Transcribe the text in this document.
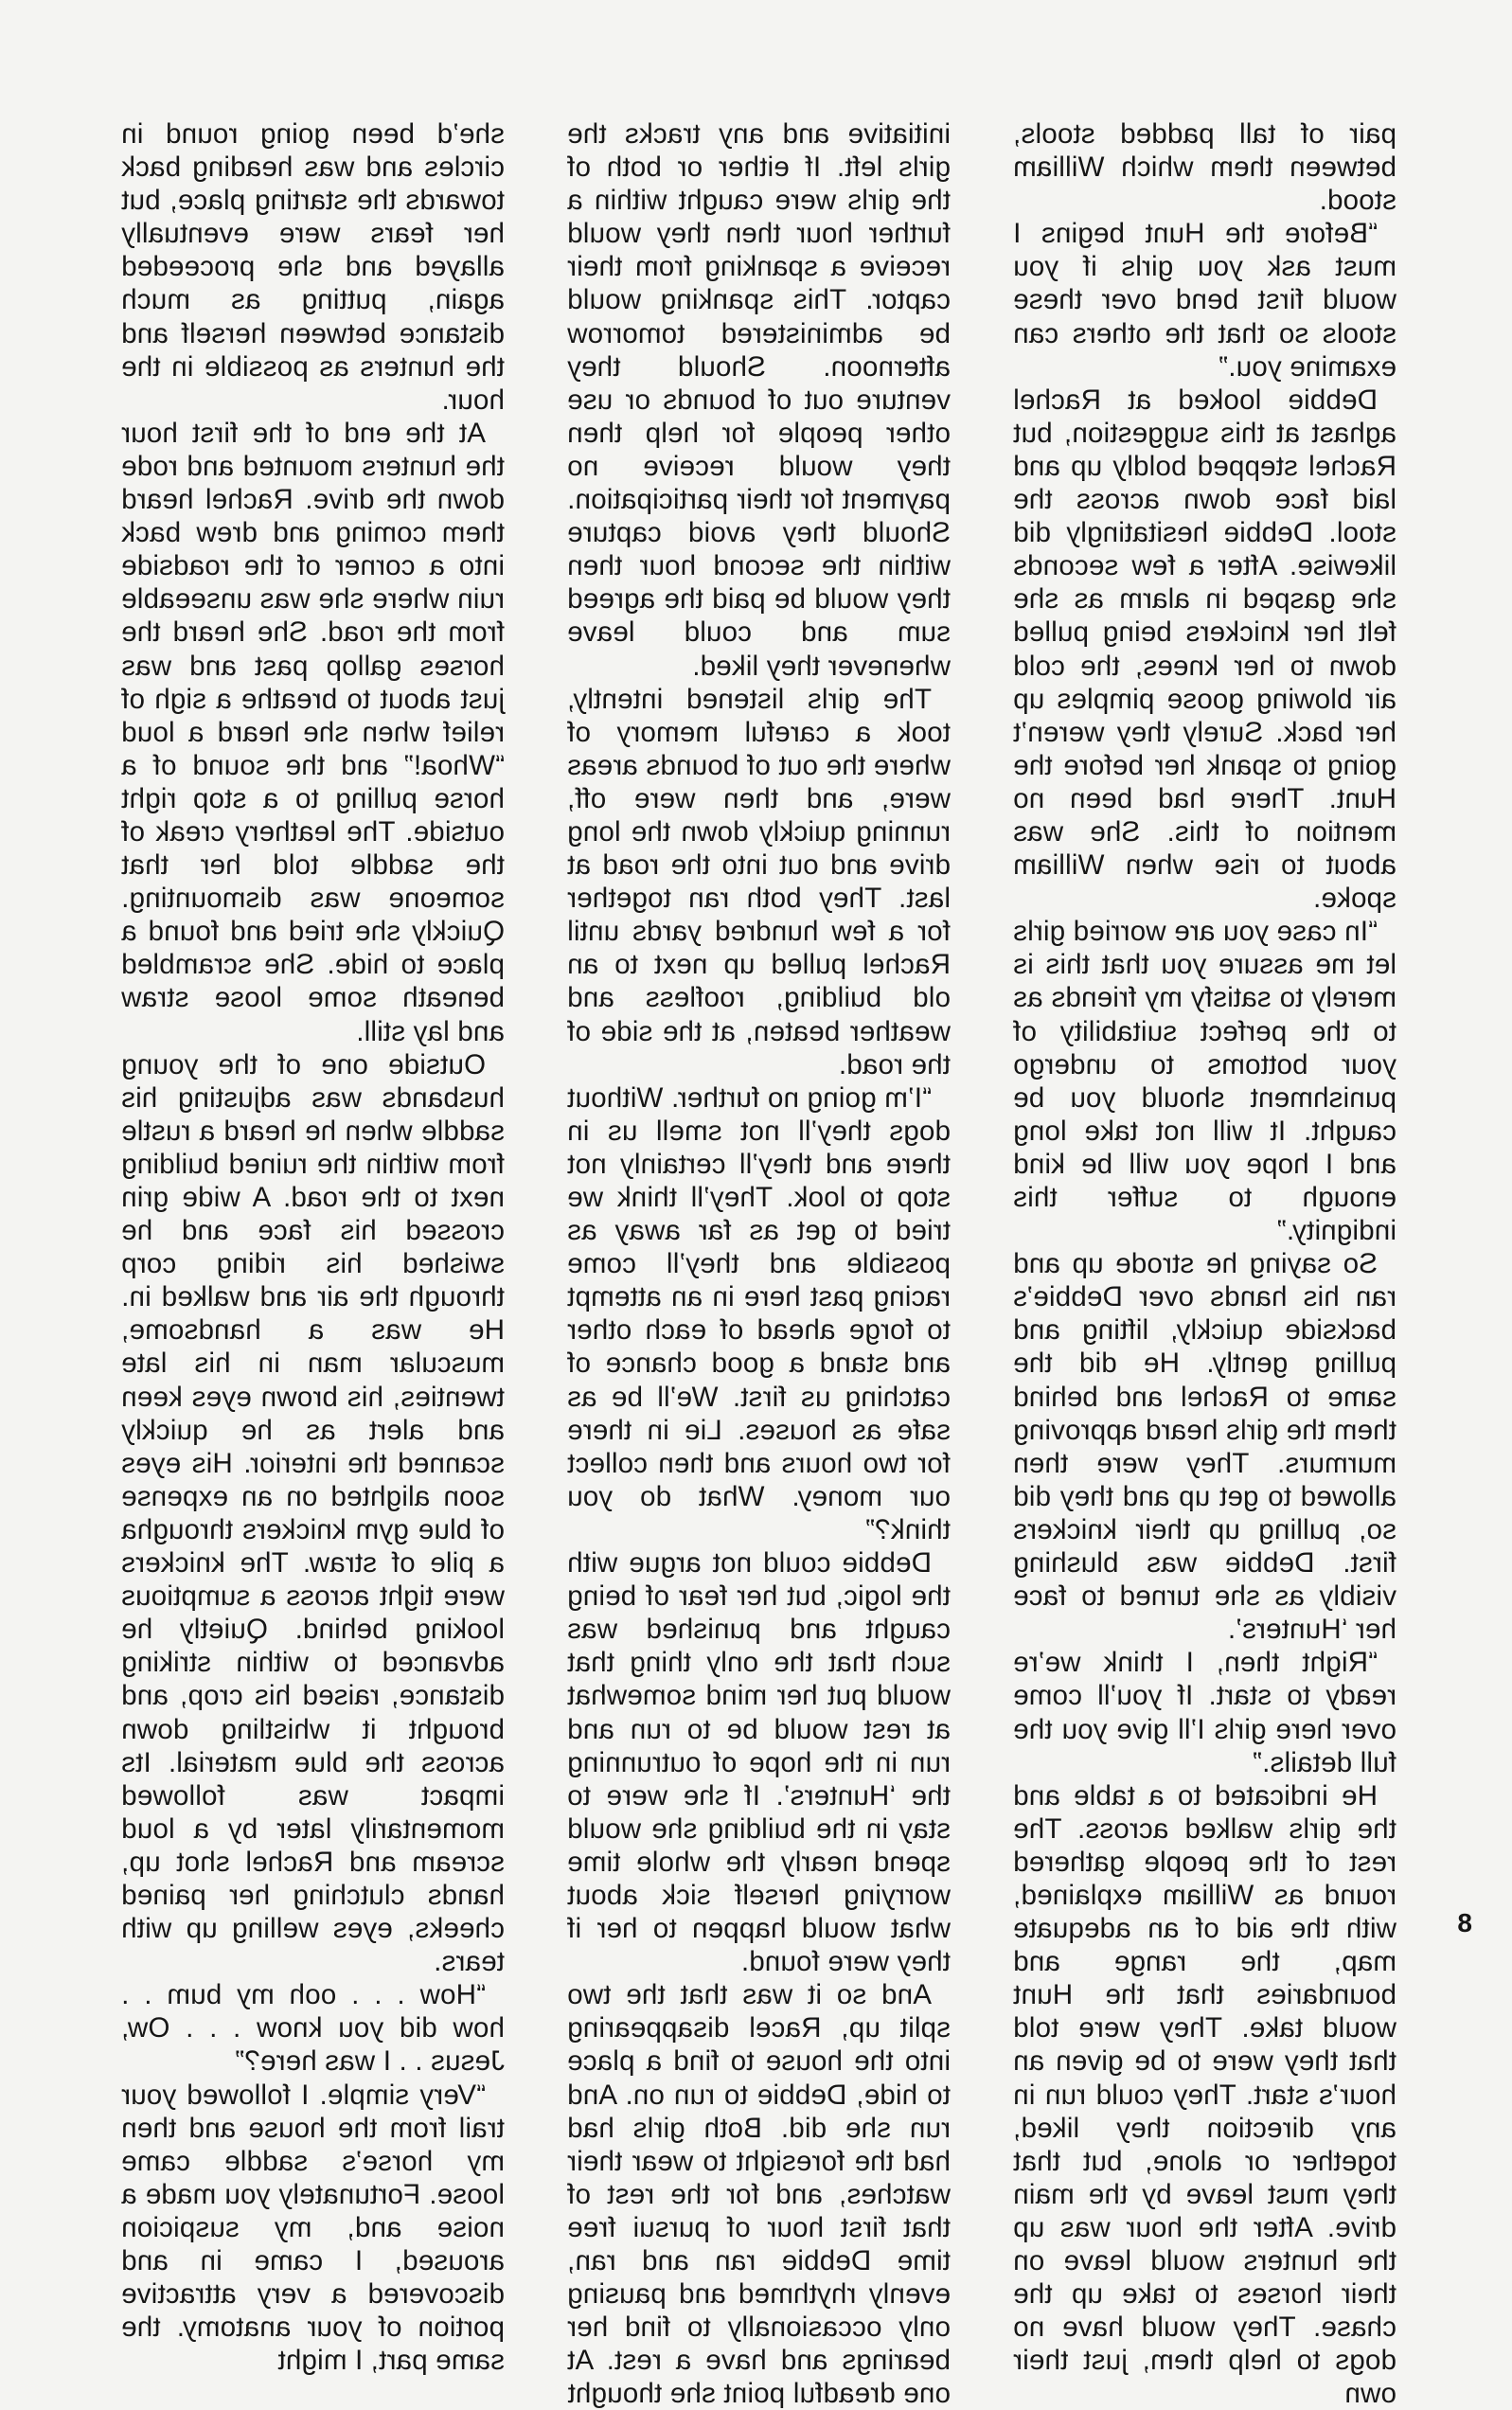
pair of tall padded stools, between them which William stood.

“Before the Hunt begins I must ask you girls if you would first bend over these stools so that the others can examine you.”

Debbie looked at Rachel aghast at this suggestion, but Rachel stepped boldly up and laid face down across the stool. Debbie hesitatingly did likewise. After a few seconds she gasped in alarm as she felt her knickers being pulled down to her knees, the cold air blowing goose pimples up her back. Surely they weren’t going to spank her before the Hunt. There had been no mention of this. She was about to rise when William spoke.

“In case you are worried girls let me assure you that this is merely to satisfy my friends as to the perfect suitability of your bottoms to undergo punishment should you be caught. It will not take long and I hope you will be kind enough to suffer this indignity.”

So saying he strode up and ran his hands over Debbie’s backside quickly, lifting and pulling gently. He did the same to Rachel and behind them the girls heard approving murmurs. They were then allowed to get up and they did so, pulling up their knickers first. Debbie was blushing visibly as she turned to face her ‘Hunters’.

“Right then, I think we’re ready to start. If you’ll come over here girls I’ll give you the full details.”

He indicated to a table and the girls walked across. The rest of the people gathered round as William explained, with the aid of an adequate map, the range and boundaries that the Hunt would take. They were told that they were to be given an hour’s start. They could run in any direction they liked, together or alone, but that they must leave by the main drive. After the hour was up the hunters would leave on their horses to take up the chase. They would have no dogs to help them, just their own

initiative and any tracks the girls left. If either or both of the girls were caught within a further hour then they would receive a spanking from their captor. This spanking would be administered tomorrow afternoon. Should they venture out of bounds or use other people for help then they would receive no payment for their participation. Should they avoid capture within the second hour then they would be paid the agreed sum and could leave whenever they liked.

The girls listened intently, took a careful memory of where the out of bounds areas were, and then were off, running quickly down the long drive and out into the road at last. They both ran together for a few hundred yards until Rachel pulled up next to an old building, roofless and weather beaten, at the side of the road.

“I’m going no further. Without dogs they’ll not smell us in there and they’ll certainly not stop to look. They’ll think we tried to get as far away as possible and they’ll come racing past here in an attempt to forge ahead of each other and stand a good chance of catching us first. We’ll be as safe as houses. Lie in there for two hours and then collect our money. What do you think?”

Debbie could not argue with the logic, but her fear of being caught and punished was such that the only thing that would put her mind somewhat at rest would be to run and run in the hope of outrunning the ‘Hunters’. If she were to stay in the building she would spend nearly the whole time worrying herself sick about what would happen to her if they were found.

And so it was that the two split up, Racel disappearing into the house to find a place to hide, Debbie to run on. And run she did. Both girls had had the foresight to wear their watches, and for the rest of that first hour of pursui free time Debbie ran and ran, evenly rhythmed and pausing only occasionally to find her bearings and have a rest. At one dreadful point she thought

she’d been going round in circles and was heading back towards the starting place, but her fears were eventually allayed and she proceeded again, putting as much distance between herself and the hunters as possible in the hour.

At the end of the first hour the hunters mounted and rode down the drive. Rachel heard them coming and drew back into a corner of the roadside ruin where she was unseeable from the road. She heard the horses gallop past and was just about to breathe a sigh of relief when she heard a loud “Whoa!” and the sound of a horse pulling to a stop right outside. The leathery creak of the saddle told her that someone was dismounting. Quickly she tried and found a place to hide. She scrambled beneath some loose straw and lay still.

Outside one of the young husbands was adjusting his saddle when he heard a rustle from within the ruined building next to the road. A wide grin crossed his face and he swished his riding corp through the air and walked in. He was a handsome, muscular man in his late twenties, his brown eyes keen and alert as he quickly scanned the interior. His eyes soon alighted on an expense of blue gym knickers througha a pile of straw. The knickers were tight across a sumptious looking behind. Quietly he advanced to within striking distance, raised his crop, and brought it whistling down across the blue material. Its impact was followed momentarily later by a loud scream and Rachel shot up, hands clutching her pained cheeks, eyes welling up with tears.

“How . . . ooh my bum . . how did you know . . . Ow, Jesus . . I was here?”

“Very simple. I followed your trail from the house and then my horse’s saddle came loose. Fortunately you made a noise and, my suspicion aroused, I came in and discovered a very attractive portion of your anatomy. the same part, I might

8
